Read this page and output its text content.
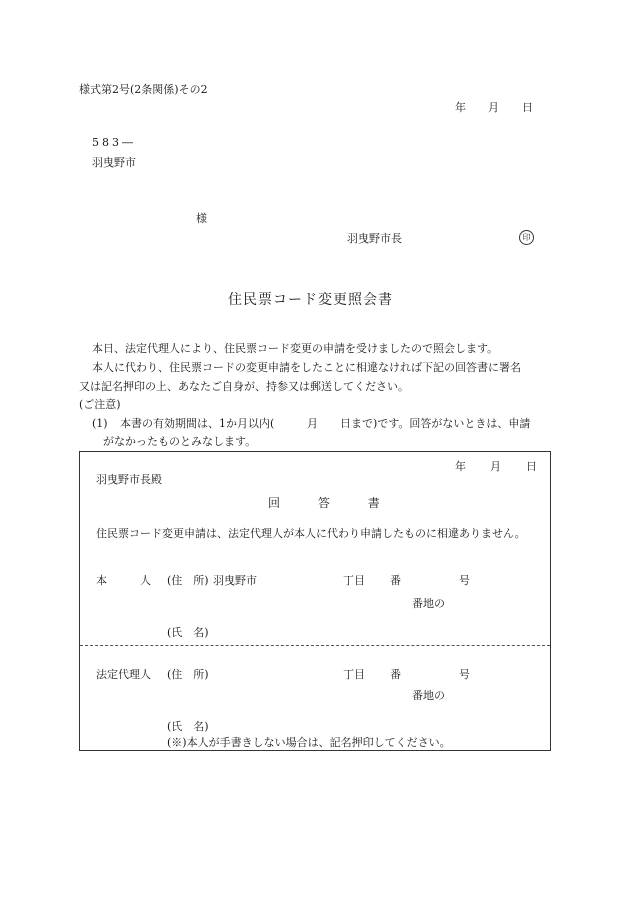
様式第2号(2条関係)その2
年 月 日
583―
羽曳野市
様
羽曳野市長	印
住民票コード変更照会書
本日、法定代理人により、住民票コード変更の申請を受けましたので照会します。
本人に代わり、住民票コードの変更申請をしたことに相違なければ下記の回答書に署名
又は記名押印の上、あなたご自身が、持参又は郵送してください。
(ご注意)
(1) 本書の有効期間は、1か月以内(	月 日まで)です。回答がないときは、申請
がなかったものとみなします。
年 月 日
羽曳野市長殿
回	答	書
住民票コード変更申請は、法定代理人が本人に代わり申請したものに相違ありません。
本　　　人 (住　所) 羽曳野市	丁目 番	号
番地の
(氏　名)
法定代理人 (住　所)	丁目 番	号
番地の
(氏　名)
(※)本人が手書きしない場合は、記名押印してください。
